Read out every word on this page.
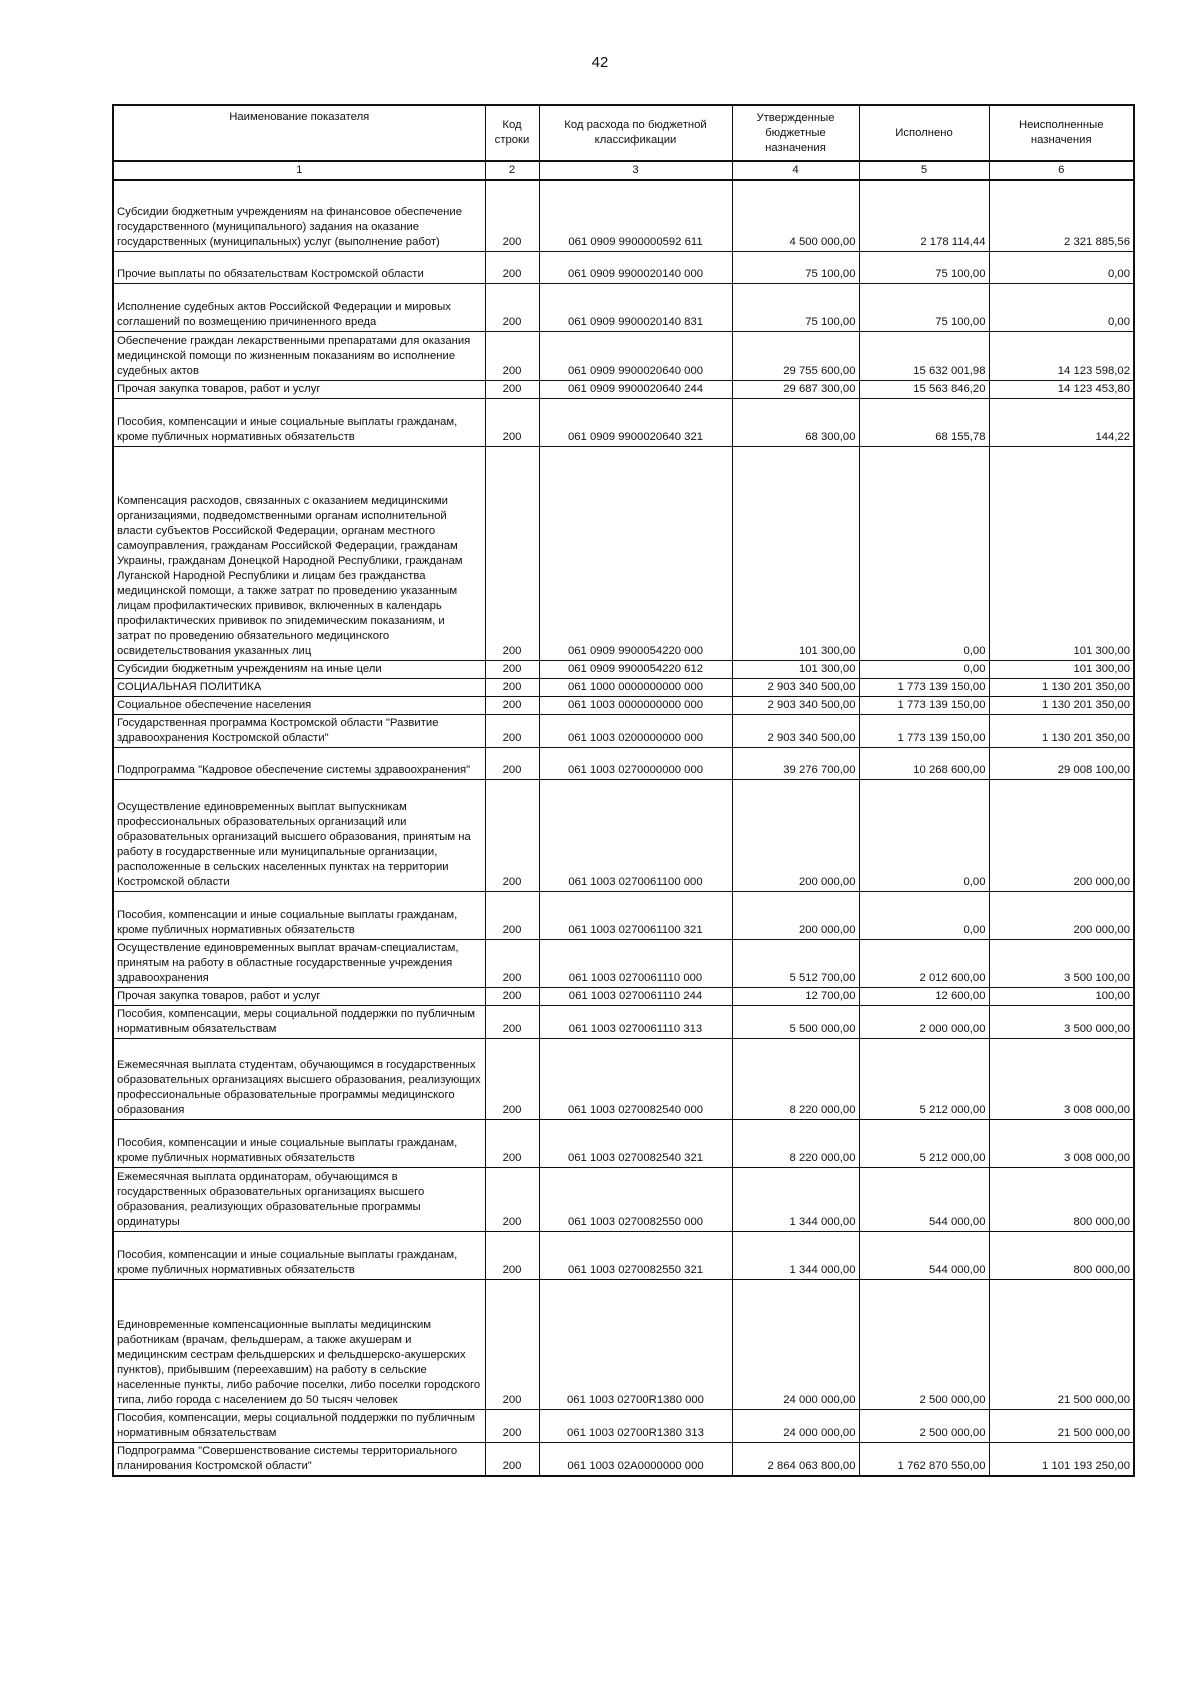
42
Наименование показателя	Код строки	Код расхода по бюджетной классификации	Утвержденные бюджетные назначения	Исполнено	Неисполненные назначения
1	2	3	4	5	6
Субсидии бюджетным учреждениям на финансовое обеспечение государственного (муниципального) задания на оказание государственных (муниципальных) услуг (выполнение работ)	200	061 0909 9900000592 611	4 500 000,00	2 178 114,44	2 321 885,56
Прочие выплаты по обязательствам Костромской области	200	061 0909 9900020140 000	75 100,00	75 100,00	0,00
Исполнение судебных актов Российской Федерации и мировых соглашений по возмещению причиненного вреда	200	061 0909 9900020140 831	75 100,00	75 100,00	0,00
Обеспечение граждан лекарственными препаратами для оказания медицинской помощи по жизненным показаниям во исполнение судебных актов	200	061 0909 9900020640 000	29 755 600,00	15 632 001,98	14 123 598,02
Прочая закупка товаров, работ и услуг	200	061 0909 9900020640 244	29 687 300,00	15 563 846,20	14 123 453,80
Пособия, компенсации и иные социальные выплаты гражданам, кроме публичных нормативных обязательств	200	061 0909 9900020640 321	68 300,00	68 155,78	144,22
Компенсация расходов, связанных с оказанием медицинскими организациями, подведомственными органам исполнительной власти субъектов Российской Федерации, органам местного самоуправления, гражданам Российской Федерации, гражданам Украины, гражданам Донецкой Народной Республики, гражданам Луганской Народной Республики и лицам без гражданства медицинской помощи, а также затрат по проведению указанным лицам профилактических прививок, включенных в календарь профилактических прививок по эпидемическим показаниям, и затрат по проведению обязательного медицинского освидетельствования указанных лиц	200	061 0909 9900054220 000	101 300,00	0,00	101 300,00
Субсидии бюджетным учреждениям на иные цели	200	061 0909 9900054220 612	101 300,00	0,00	101 300,00
СОЦИАЛЬНАЯ ПОЛИТИКА	200	061 1000 0000000000 000	2 903 340 500,00	1 773 139 150,00	1 130 201 350,00
Социальное обеспечение населения	200	061 1003 0000000000 000	2 903 340 500,00	1 773 139 150,00	1 130 201 350,00
Государственная программа Костромской области "Развитие здравоохранения Костромской области"	200	061 1003 0200000000 000	2 903 340 500,00	1 773 139 150,00	1 130 201 350,00
Подпрограмма "Кадровое обеспечение системы здравоохранения"	200	061 1003 0270000000 000	39 276 700,00	10 268 600,00	29 008 100,00
Осуществление единовременных выплат выпускникам профессиональных образовательных организаций или образовательных организаций высшего образования, принятым на работу в государственные или муниципальные организации, расположенные в сельских населенных пунктах на территории Костромской области	200	061 1003 0270061100 000	200 000,00	0,00	200 000,00
Пособия, компенсации и иные социальные выплаты гражданам, кроме публичных нормативных обязательств	200	061 1003 0270061100 321	200 000,00	0,00	200 000,00
Осуществление единовременных выплат врачам-специалистам, принятым на работу в областные государственные учреждения здравоохранения	200	061 1003 0270061110 000	5 512 700,00	2 012 600,00	3 500 100,00
Прочая закупка товаров, работ и услуг	200	061 1003 0270061110 244	12 700,00	12 600,00	100,00
Пособия, компенсации, меры социальной поддержки по публичным нормативным обязательствам	200	061 1003 0270061110 313	5 500 000,00	2 000 000,00	3 500 000,00
Ежемесячная выплата студентам, обучающимся в государственных образовательных организациях высшего образования, реализующих профессиональные образовательные программы медицинского образования	200	061 1003 0270082540 000	8 220 000,00	5 212 000,00	3 008 000,00
Пособия, компенсации и иные социальные выплаты гражданам, кроме публичных нормативных обязательств	200	061 1003 0270082540 321	8 220 000,00	5 212 000,00	3 008 000,00
Ежемесячная выплата ординаторам, обучающимся в государственных образовательных организациях высшего образования, реализующих образовательные программы ординатуры	200	061 1003 0270082550 000	1 344 000,00	544 000,00	800 000,00
Пособия, компенсации и иные социальные выплаты гражданам, кроме публичных нормативных обязательств	200	061 1003 0270082550 321	1 344 000,00	544 000,00	800 000,00
Единовременные компенсационные выплаты медицинским работникам (врачам, фельдшерам, а также акушерам и медицинским сестрам фельдшерских и фельдшерско-акушерских пунктов), прибывшим (переехавшим) на работу в сельские населенные пункты, либо рабочие поселки, либо поселки городского типа, либо города с населением до 50 тысяч человек	200	061 1003 02700R1380 000	24 000 000,00	2 500 000,00	21 500 000,00
Пособия, компенсации, меры социальной поддержки по публичным нормативным обязательствам	200	061 1003 02700R1380 313	24 000 000,00	2 500 000,00	21 500 000,00
Подпрограмма "Совершенствование системы территориального планирования Костромской области"	200	061 1003 02А0000000 000	2 864 063 800,00	1 762 870 550,00	1 101 193 250,00
